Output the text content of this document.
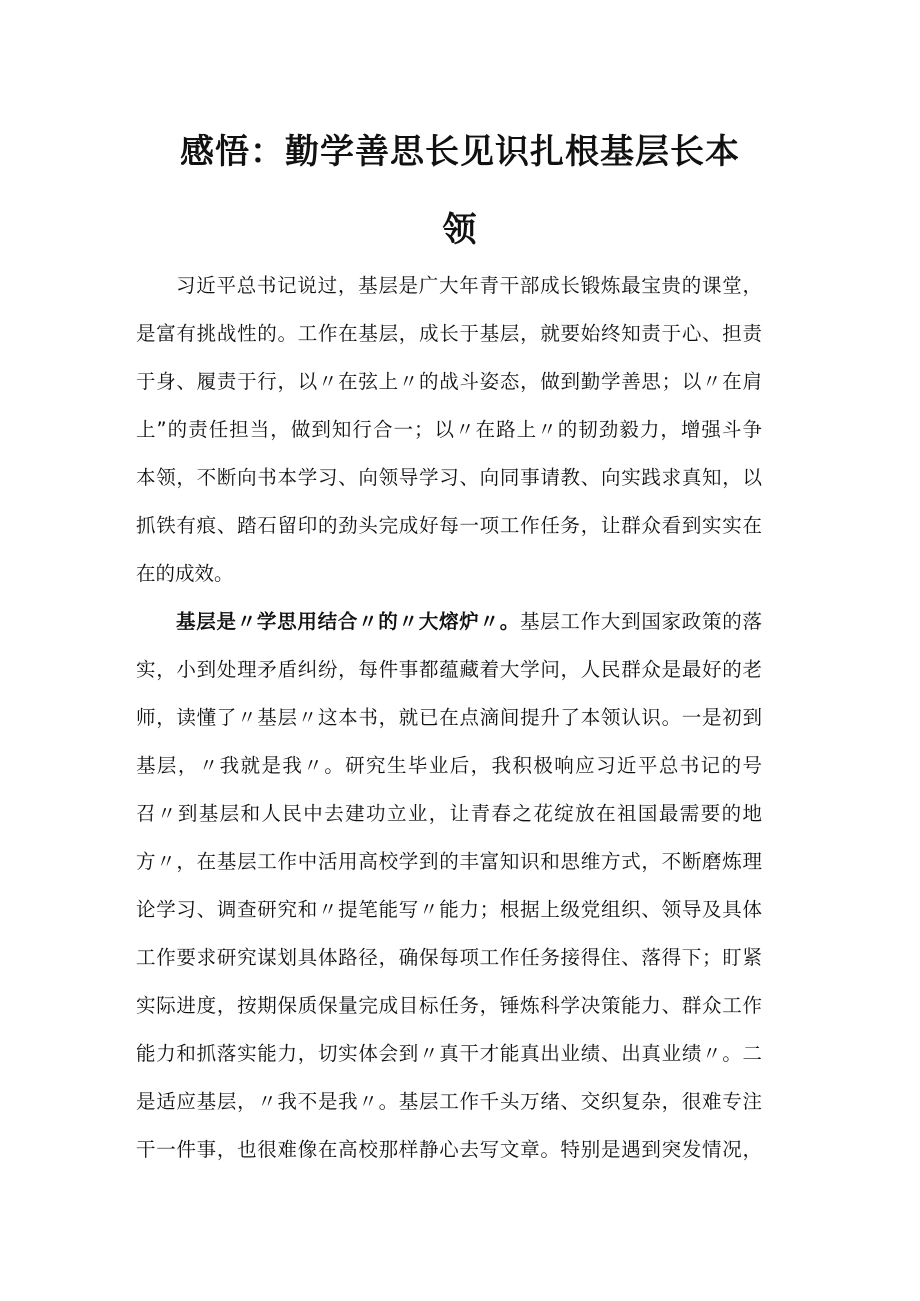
感悟：勤学善思长见识扎根基层长本
领
习近平总书记说过，基层是广大年青干部成长锻炼最宝贵的课堂，
是富有挑战性的。工作在基层，成长于基层，就要始终知责于心、担责
于身、履责于行，以〃在弦上〃的战斗姿态，做到勤学善思；以〃在肩
上”的责任担当，做到知行合一；以〃在路上〃的韧劲毅力，增强斗争
本领，不断向书本学习、向领导学习、向同事请教、向实践求真知，以
抓铁有痕、踏石留印的劲头完成好每一项工作任务，让群众看到实实在
在的成效。
基层是〃学思用结合〃的〃大熔炉〃。基层工作大到国家政策的落
实，小到处理矛盾纠纷，每件事都蕴藏着大学问，人民群众是最好的老
师，读懂了〃基层〃这本书，就已在点滴间提升了本领认识。一是初到
基层，〃我就是我〃。研究生毕业后，我积极响应习近平总书记的号
召〃到基层和人民中去建功立业，让青春之花绽放在祖国最需要的地
方〃，在基层工作中活用高校学到的丰富知识和思维方式，不断磨炼理
论学习、调查研究和〃提笔能写〃能力；根据上级党组织、领导及具体
工作要求研究谋划具体路径，确保每项工作任务接得住、落得下；盯紧
实际进度，按期保质保量完成目标任务，锤炼科学决策能力、群众工作
能力和抓落实能力，切实体会到〃真干才能真出业绩、出真业绩〃。二
是适应基层，〃我不是我〃。基层工作千头万绪、交织复杂，很难专注
干一件事，也很难像在高校那样静心去写文章。特别是遇到突发情况，
